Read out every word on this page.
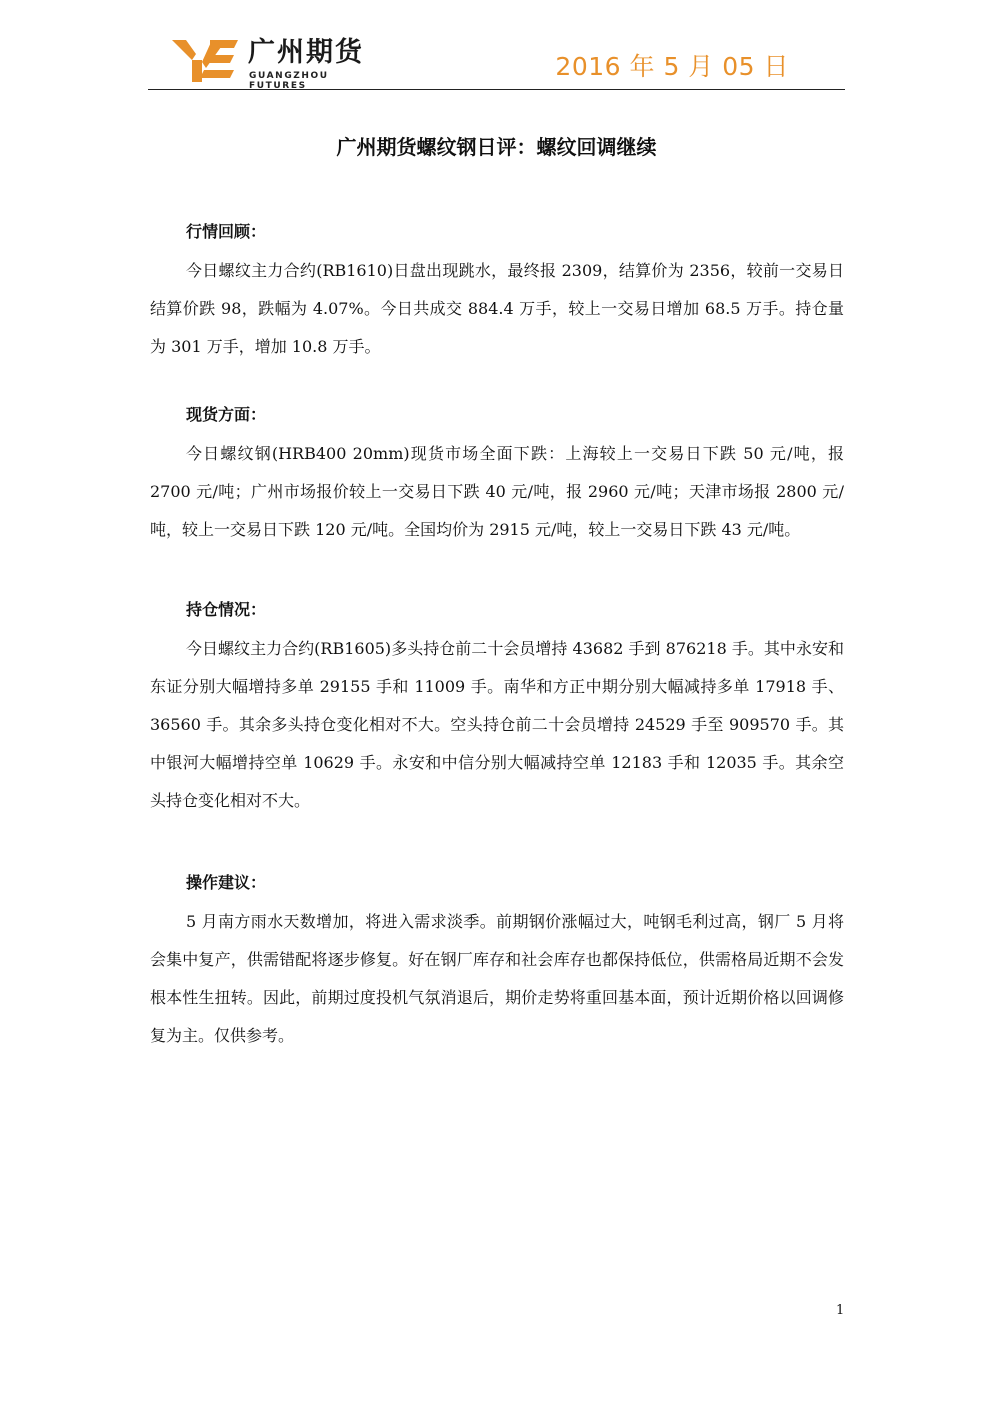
广州期货
GUANGZHOU FUTURES
2016 年 5 月 05 日
广州期货螺纹钢日评：螺纹回调继续
行情回顾：

今日螺纹主力合约(RB1610)日盘出现跳水，最终报 2309，结算价为 2356，较前一交易日结算价跌 98，跌幅为 4.07%。今日共成交 884.4 万手，较上一交易日增加 68.5 万手。持仓量为 301 万手，增加 10.8 万手。

现货方面：

今日螺纹钢(HRB400 20mm)现货市场全面下跌：上海较上一交易日下跌 50 元/吨，报 2700 元/吨；广州市场报价较上一交易日下跌 40 元/吨，报 2960 元/吨；天津市场报 2800 元/吨，较上一交易日下跌 120 元/吨。全国均价为 2915 元/吨，较上一交易日下跌 43 元/吨。

持仓情况：

今日螺纹主力合约(RB1605)多头持仓前二十会员增持 43682 手到 876218 手。其中永安和东证分别大幅增持多单 29155 手和 11009 手。南华和方正中期分别大幅减持多单 17918 手、36560 手。其余多头持仓变化相对不大。空头持仓前二十会员增持 24529 手至 909570 手。其中银河大幅增持空单 10629 手。永安和中信分别大幅减持空单 12183 手和 12035 手。其余空头持仓变化相对不大。

操作建议：

5 月南方雨水天数增加，将进入需求淡季。前期钢价涨幅过大，吨钢毛利过高，钢厂 5 月将会集中复产，供需错配将逐步修复。好在钢厂库存和社会库存也都保持低位，供需格局近期不会发根本性生扭转。因此，前期过度投机气氛消退后，期价走势将重回基本面，预计近期价格以回调修复为主。仅供参考。

1
